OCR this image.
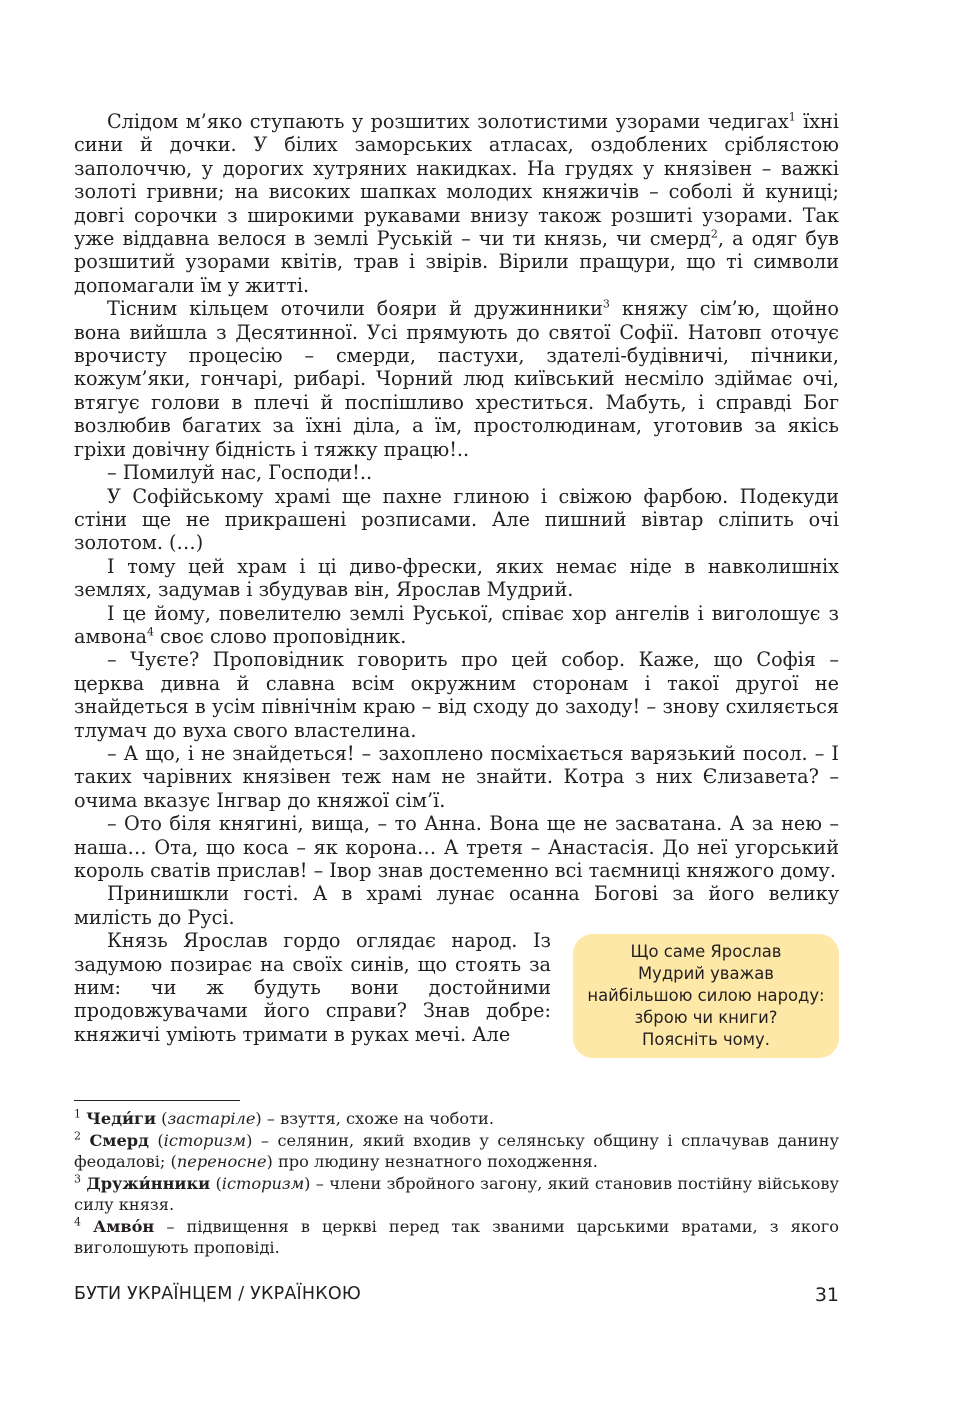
Слідом м’яко ступають у розшитих золотистими узорами чедигах$^1$ їхні сини й дочки. У білих заморських атласах, оздоблених сріблястою заполоччю, у дорогих хутряних накидках. На грудях у князівен – важкі золоті гривни; на високих шапках молодих княжичів – соболі й куниці; довгі сорочки з широкими рукавами внизу також розшиті узорами. Так уже віддавна велося в землі Руській – чи ти князь, чи смерд$^2$, а одяг був розшитий узорами квітів, трав і звірів. Вірили пращури, що ті символи допомагали їм у житті.

Тісним кільцем оточили бояри й дружинники$^3$ княжу сім’ю, щойно вона вийшла з Десятинної. Усі прямують до святої Софії. Натовп оточує врочисту процесію – смерди, пастухи, здателі-будівничі, пічники, кожум’яки, гончарі, рибарі. Чорний люд київський несміло здіймає очі, втягує голови в плечі й поспішливо хреститься. Мабуть, і справді Бог возлюбив багатих за їхні діла, а їм, простолюдинам, уготовив за якісь гріхи довічну бідність і тяжку працю!..

– Помилуй нас, Господи!..

У Софійському храмі ще пахне глиною і свіжою фарбою. Подекуди стіни ще не прикрашені розписами. Але пишний вівтар сліпить очі золотом. (…)

І тому цей храм і ці диво-фрески, яких немає ніде в навколишніх землях, задумав і збудував він, Ярослав Мудрий.

І це йому, повелителю землі Руської, співає хор ангелів і виголошує з амвона$^4$ своє слово проповідник.

– Чуєте? Проповідник говорить про цей собор. Каже, що Софія – церква дивна й славна всім окружним сторонам і такої другої не знайдеться в усім північнім краю – від сходу до заходу! – знову схиляється тлумач до вуха свого властелина.

– А що, і не знайдеться! – захоплено посміхається варязький посол. – І таких чарівних князівен теж нам не знайти. Котра з них Єлизавета? – очима вказує Інгвар до княжої сім’ї.

– Ото біля княгині, вища, – то Анна. Вона ще не засватана. А за нею – наша… Ота, що коса – як корона… А третя – Анастасія. До неї угорський король сватів прислав! – Івор знав достеменно всі таємниці княжого дому.

Принишкли гості. А в храмі лунає осанна Богові за його велику милість до Русі.

Що саме Ярослав
Мудрий уважав
найбільшою силою народу:
зброю чи книги?
Поясніть чому.
Князь Ярослав гордо оглядає народ. Із задумою позирає на своїх синів, що стоять за ним: чи ж будуть вони достойними продовжувачами його справи? Знав добре: княжичі уміють тримати в руках мечі. Але

$^1$ Чеди́ги (застаріле) – взуття, схоже на чоботи.

$^2$ Смерд (історизм) – селянин, який входив у селянську общину і сплачував данину феодалові; (переносне) про людину незнатного походження.

$^3$ Дружи́нники (історизм) – члени збройного загону, який становив постійну військову силу князя.

$^4$ Амво́н – підвищення в церкві перед так званими царськими вратами, з якого виголошують проповіді.

БУТИ УКРАЇНЦЕМ / УКРАЇНКОЮ	31
